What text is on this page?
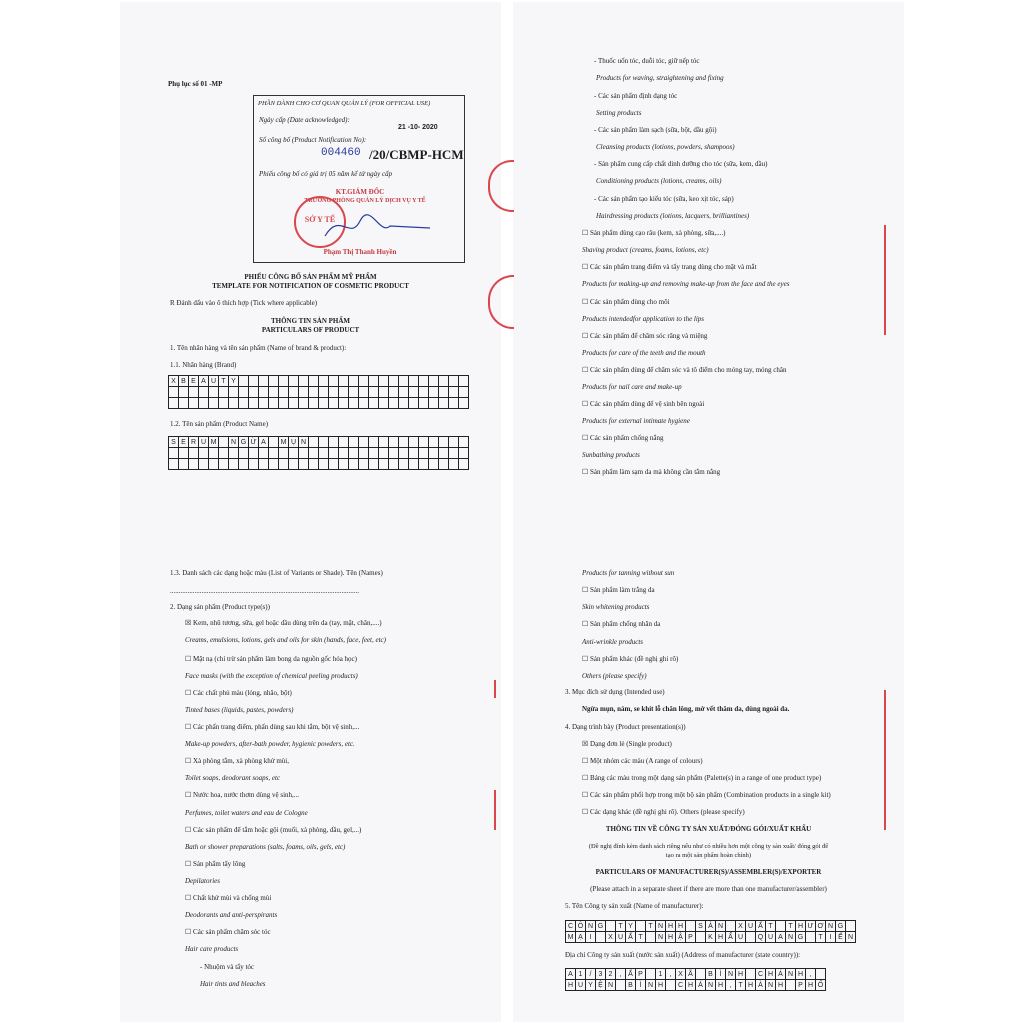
Phụ lục số 01 -MP
PHẦN DÀNH CHO CƠ QUAN QUẢN LÝ (FOR OFFICIAL USE)
Ngày cấp (Date acknowledged):
21 -10- 2020
Số công bố (Product Notification No):
004460 /20/CBMP-HCM
Phiếu công bố có giá trị 05 năm kể từ ngày cấp
KT.GIÁM ĐỐC
TRƯỞNG PHÒNG QUẢN LÝ DỊCH VỤ Y TẾ
SỞ Y TẾ
Phạm Thị Thanh Huyền
PHIẾU CÔNG BỐ SẢN PHẨM MỸ PHẨM
TEMPLATE FOR NOTIFICATION OF COSMETIC PRODUCT
R Đánh dấu vào ô thích hợp (Tick where applicable)
THÔNG TIN SẢN PHẨM
PARTICULARS OF PRODUCT
1. Tên nhãn hàng và tên sản phẩm (Name of brand & product):
1.1. Nhãn hàng (Brand)
X	B	E	A	U	T	Y																							

1.2. Tên sản phẩm (Product Name)
S	E	R	U	M		N	G	Ừ	A		M	Ụ	N																

1.3. Danh sách các dạng hoặc màu (List of Variants or Shade). Tên (Names)
............................................................................................................
2. Dạng sản phẩm (Product type(s))
☒ Kem, nhũ tương, sữa, gel hoặc dầu dùng trên da (tay, mặt, chân,....)
Creams, emulsions, lotions, gels and oils for skin (hands, face, feet, etc)
☐ Mặt nạ (chỉ trừ sản phẩm làm bong da nguồn gốc hóa học)
Face masks (with the exception of chemical peeling products)
☐ Các chất phủ màu (lỏng, nhão, bột)
Tinted bases (liquids, pastes, powders)
☐ Các phấn trang điểm, phấn dùng sau khi tắm, bột vệ sinh,...
Make-up powders, after-bath powder, hygienic powders, etc.
☐ Xà phòng tắm, xà phòng khử mùi,
Toilet soaps, deodorant soaps, etc
☐ Nước hoa, nước thơm dùng vệ sinh,...
Perfumes, toilet waters and eau de Cologne
☐ Các sản phẩm để tắm hoặc gội (muối, xà phòng, dầu, gel,...)
Bath or shower preparations (salts, foams, oils, gels, etc)
☐ Sản phẩm tẩy lông
Depilatories
☐ Chất khử mùi và chống mùi
Deodorants and anti-perspirants
☐ Các sản phẩm chăm sóc tóc
Hair care products
- Nhuộm và tẩy tóc
Hair tints and bleaches
- Thuốc uốn tóc, duỗi tóc, giữ nếp tóc
Products for waving, straightening and fixing
- Các sản phẩm định dạng tóc
Setting products
- Các sản phẩm làm sạch (sữa, bột, dầu gội)
Cleansing products (lotions, powders, shampoos)
- Sản phẩm cung cấp chất dinh dưỡng cho tóc (sữa, kem, dầu)
Conditioning products (lotions, creams, oils)
- Các sản phẩm tạo kiểu tóc (sữa, keo xịt tóc, sáp)
Hairdressing products (lotions, lacquers, brilliantines)
☐ Sản phẩm dùng cạo râu (kem, xà phòng, sữa,....)
Shaving product (creams, foams, lotions, etc)
☐ Các sản phẩm trang điểm và tẩy trang dùng cho mặt và mắt
Products for making-up and removing make-up from the face and the eyes
☐ Các sản phẩm dùng cho môi
Products intendedfor application to the lips
☐ Các sản phẩm để chăm sóc răng và miệng
Products for care of the teeth and the mouth
☐ Các sản phẩm dùng để chăm sóc và tô điểm cho móng tay, móng chân
Products for nail care and make-up
☐ Các sản phẩm dùng để vệ sinh bên ngoài
Products for external intimate hygiene
☐ Các sản phẩm chống nắng
Sunbathing products
☐ Sản phẩm làm sạm da mà không cần tắm nắng
Products for tanning without sun
☐ Sản phẩm làm trắng da
Skin whitening products
☐ Sản phẩm chống nhăn da
Anti-wrinkle products
☐ Sản phẩm khác (đề nghị ghi rõ)
Others (please specify)
3. Mục đích sử dụng (Intended use)
Ngừa mụn, nám, se khít lỗ chân lông, mờ vết thâm da, dùng ngoài da.
4. Dạng trình bày (Product presentation(s))
☒ Dạng đơn lẻ (Single product)
☐ Một nhóm các màu (A range of colours)
☐ Bảng các màu trong một dạng sản phẩm (Palette(s) in a range of one product type)
☐ Các sản phẩm phối hợp trong một bộ sản phẩm (Combination products in a single kit)
☐ Các dạng khác (đề nghị ghi rõ). Others (please specify)
THÔNG TIN VỀ CÔNG TY SẢN XUẤT/ĐÓNG GÓI/XUẤT KHẨU
(Đề nghị đính kèm danh sách riêng nếu như có nhiều hơn một công ty sản xuất/ đóng gói để
tạo ra một sản phẩm hoàn chỉnh)
PARTICULARS OF MANUFACTURER(S)/ASSEMBLER(S)/EXPORTER
(Please attach in a separate sheet if there are more than one manufacturer/assembler)
5. Tên Công ty sản xuất (Name of manufacturer):
C	Ô	N	G		T	Y		T	N	H	H		S	Ả	N		X	U	Ấ	T		T	H	Ư	Ơ	N	G	
M	Ạ	I		X	U	Ấ	T		N	H	Ậ	P		K	H	Ẩ	U		Q	U	A	N	G		T	I	Ế	N
Địa chỉ Công ty sản xuất (nước sản xuất) (Address of manufacturer (state country)):
A	1	/	3	2	,	Ấ	P		1	,	X	Ã		B	Ì	N	H		C	H	Á	N	H	,	
H	U	Y	Ệ	N		B	Ì	N	H		C	H	Á	N	H	,	T	H	À	N	H		P	H	Ố
